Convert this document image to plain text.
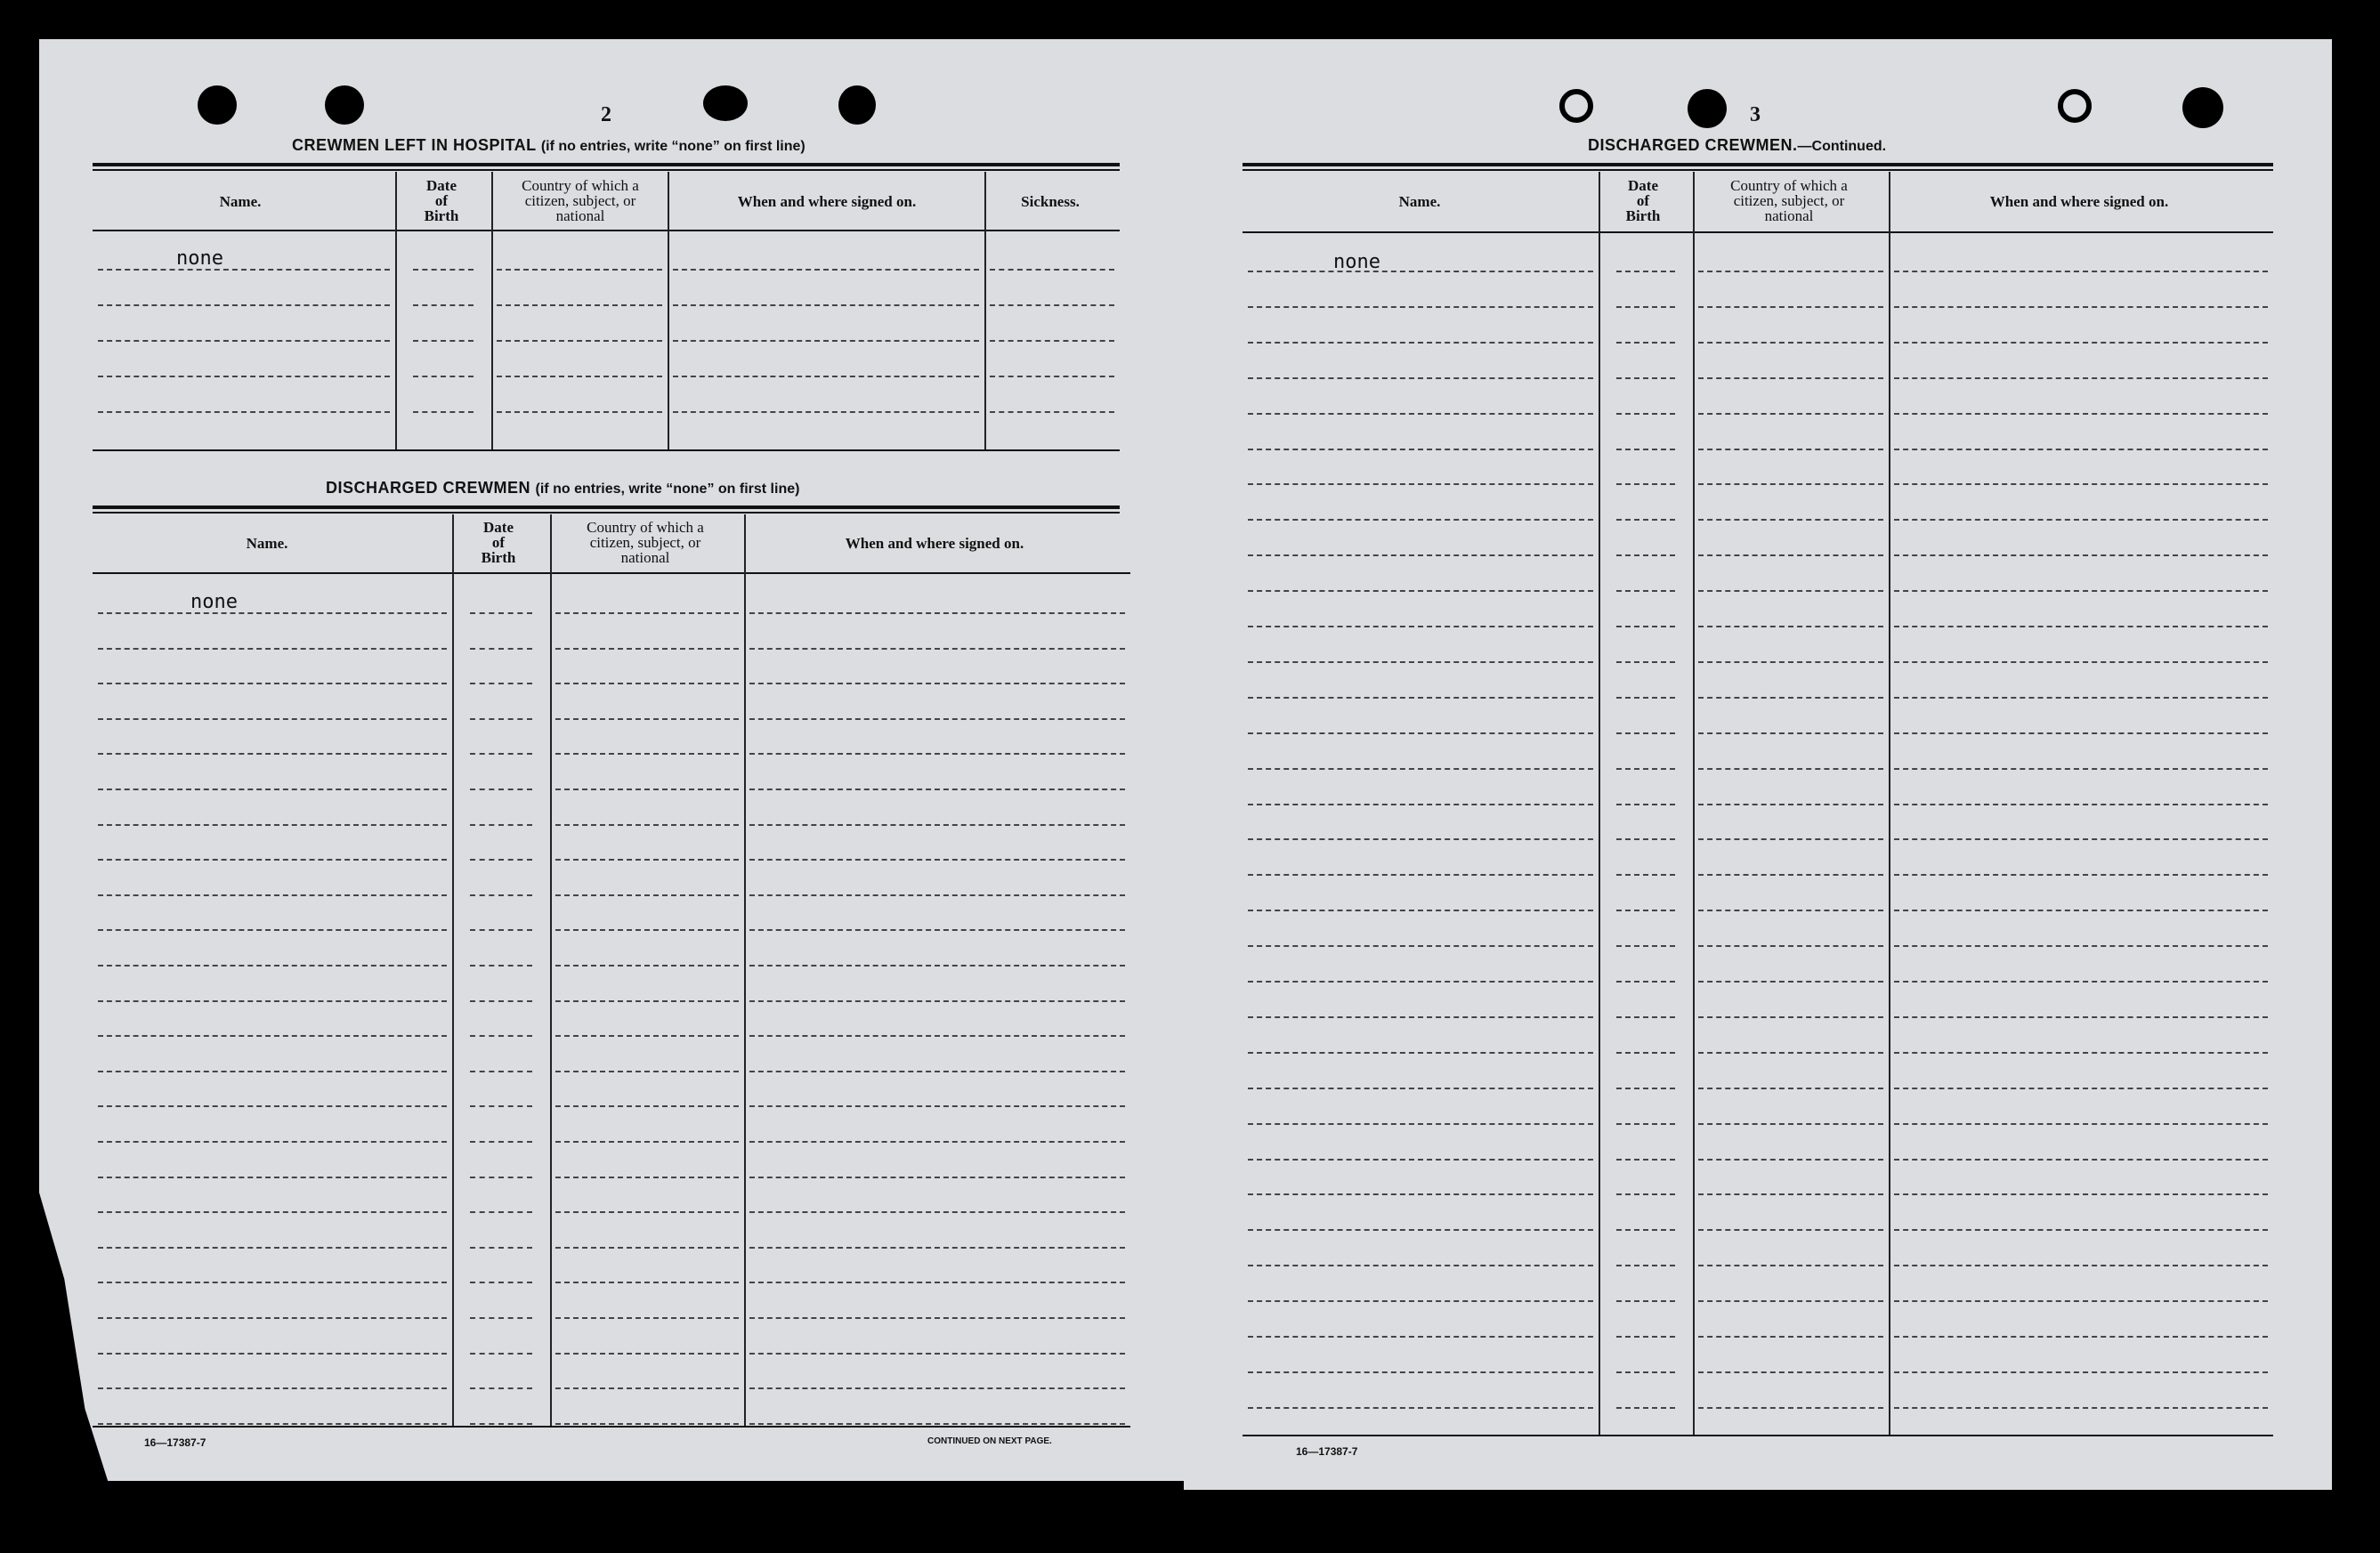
2
CREWMEN LEFT IN HOSPITAL (if no entries, write “none” on first line)
Name.
Date
of
Birth
Country of which a
citizen, subject, or
national
When and where signed on.	Sickness.
none
DISCHARGED CREWMEN (if no entries, write “none” on first line)
Name.
Date
of
Birth
Country of which a
citizen, subject, or
national
When and where signed on.
none
16—17387-7	CONTINUED ON NEXT PAGE.
3
DISCHARGED CREWMEN.—Continued.
Name.
Date
of
Birth
Country of which a
citizen, subject, or
national
When and where signed on.
none
16—17387-7
